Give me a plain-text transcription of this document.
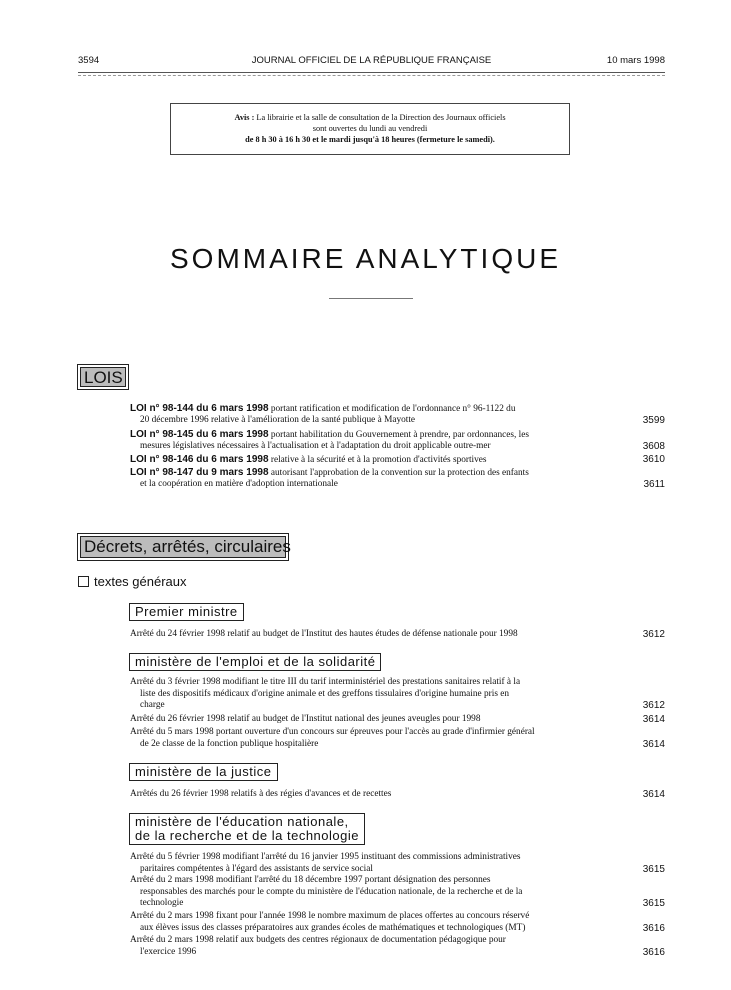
3594	JOURNAL OFFICIEL DE LA RÉPUBLIQUE FRANÇAISE	10 mars 1998
Avis : La librairie et la salle de consultation de la Direction des Journaux officiels
sont ouvertes du lundi au vendredi
de 8 h 30 à 16 h 30 et le mardi jusqu'à 18 heures (fermeture le samedi).
SOMMAIRE ANALYTIQUE
LOIS
LOI n° 98-144 du 6 mars 1998 portant ratification et modification de l'ordonnance n° 96-1122 du
20 décembre 1996 relative à l'amélioration de la santé publique à Mayotte	3599
LOI n° 98-145 du 6 mars 1998 portant habilitation du Gouvernement à prendre, par ordonnances, les
mesures législatives nécessaires à l'actualisation et à l'adaptation du droit applicable outre-mer	3608
LOI n° 98-146 du 6 mars 1998 relative à la sécurité et à la promotion d'activités sportives	3610
LOI n° 98-147 du 9 mars 1998 autorisant l'approbation de la convention sur la protection des enfants
et la coopération en matière d'adoption internationale	3611
Décrets, arrêtés, circulaires
textes généraux
Premier ministre
Arrêté du 24 février 1998 relatif au budget de l'Institut des hautes études de défense nationale pour 1998	3612
ministère de l'emploi et de la solidarité
Arrêté du 3 février 1998 modifiant le titre III du tarif interministériel des prestations sanitaires relatif à la
liste des dispositifs médicaux d'origine animale et des greffons tissulaires d'origine humaine pris en
charge	3612
Arrêté du 26 février 1998 relatif au budget de l'Institut national des jeunes aveugles pour 1998	3614
Arrêté du 5 mars 1998 portant ouverture d'un concours sur épreuves pour l'accès au grade d'infirmier général
de 2e classe de la fonction publique hospitalière	3614
ministère de la justice
Arrêtés du 26 février 1998 relatifs à des régies d'avances et de recettes	3614
ministère de l'éducation nationale,
de la recherche et de la technologie
Arrêté du 5 février 1998 modifiant l'arrêté du 16 janvier 1995 instituant des commissions administratives
paritaires compétentes à l'égard des assistants de service social	3615
Arrêté du 2 mars 1998 modifiant l'arrêté du 18 décembre 1997 portant désignation des personnes
responsables des marchés pour le compte du ministère de l'éducation nationale, de la recherche et de la
technologie	3615
Arrêté du 2 mars 1998 fixant pour l'année 1998 le nombre maximum de places offertes au concours réservé
aux élèves issus des classes préparatoires aux grandes écoles de mathématiques et technologiques (MT)	3616
Arrêté du 2 mars 1998 relatif aux budgets des centres régionaux de documentation pédagogique pour
l'exercice 1996	3616
